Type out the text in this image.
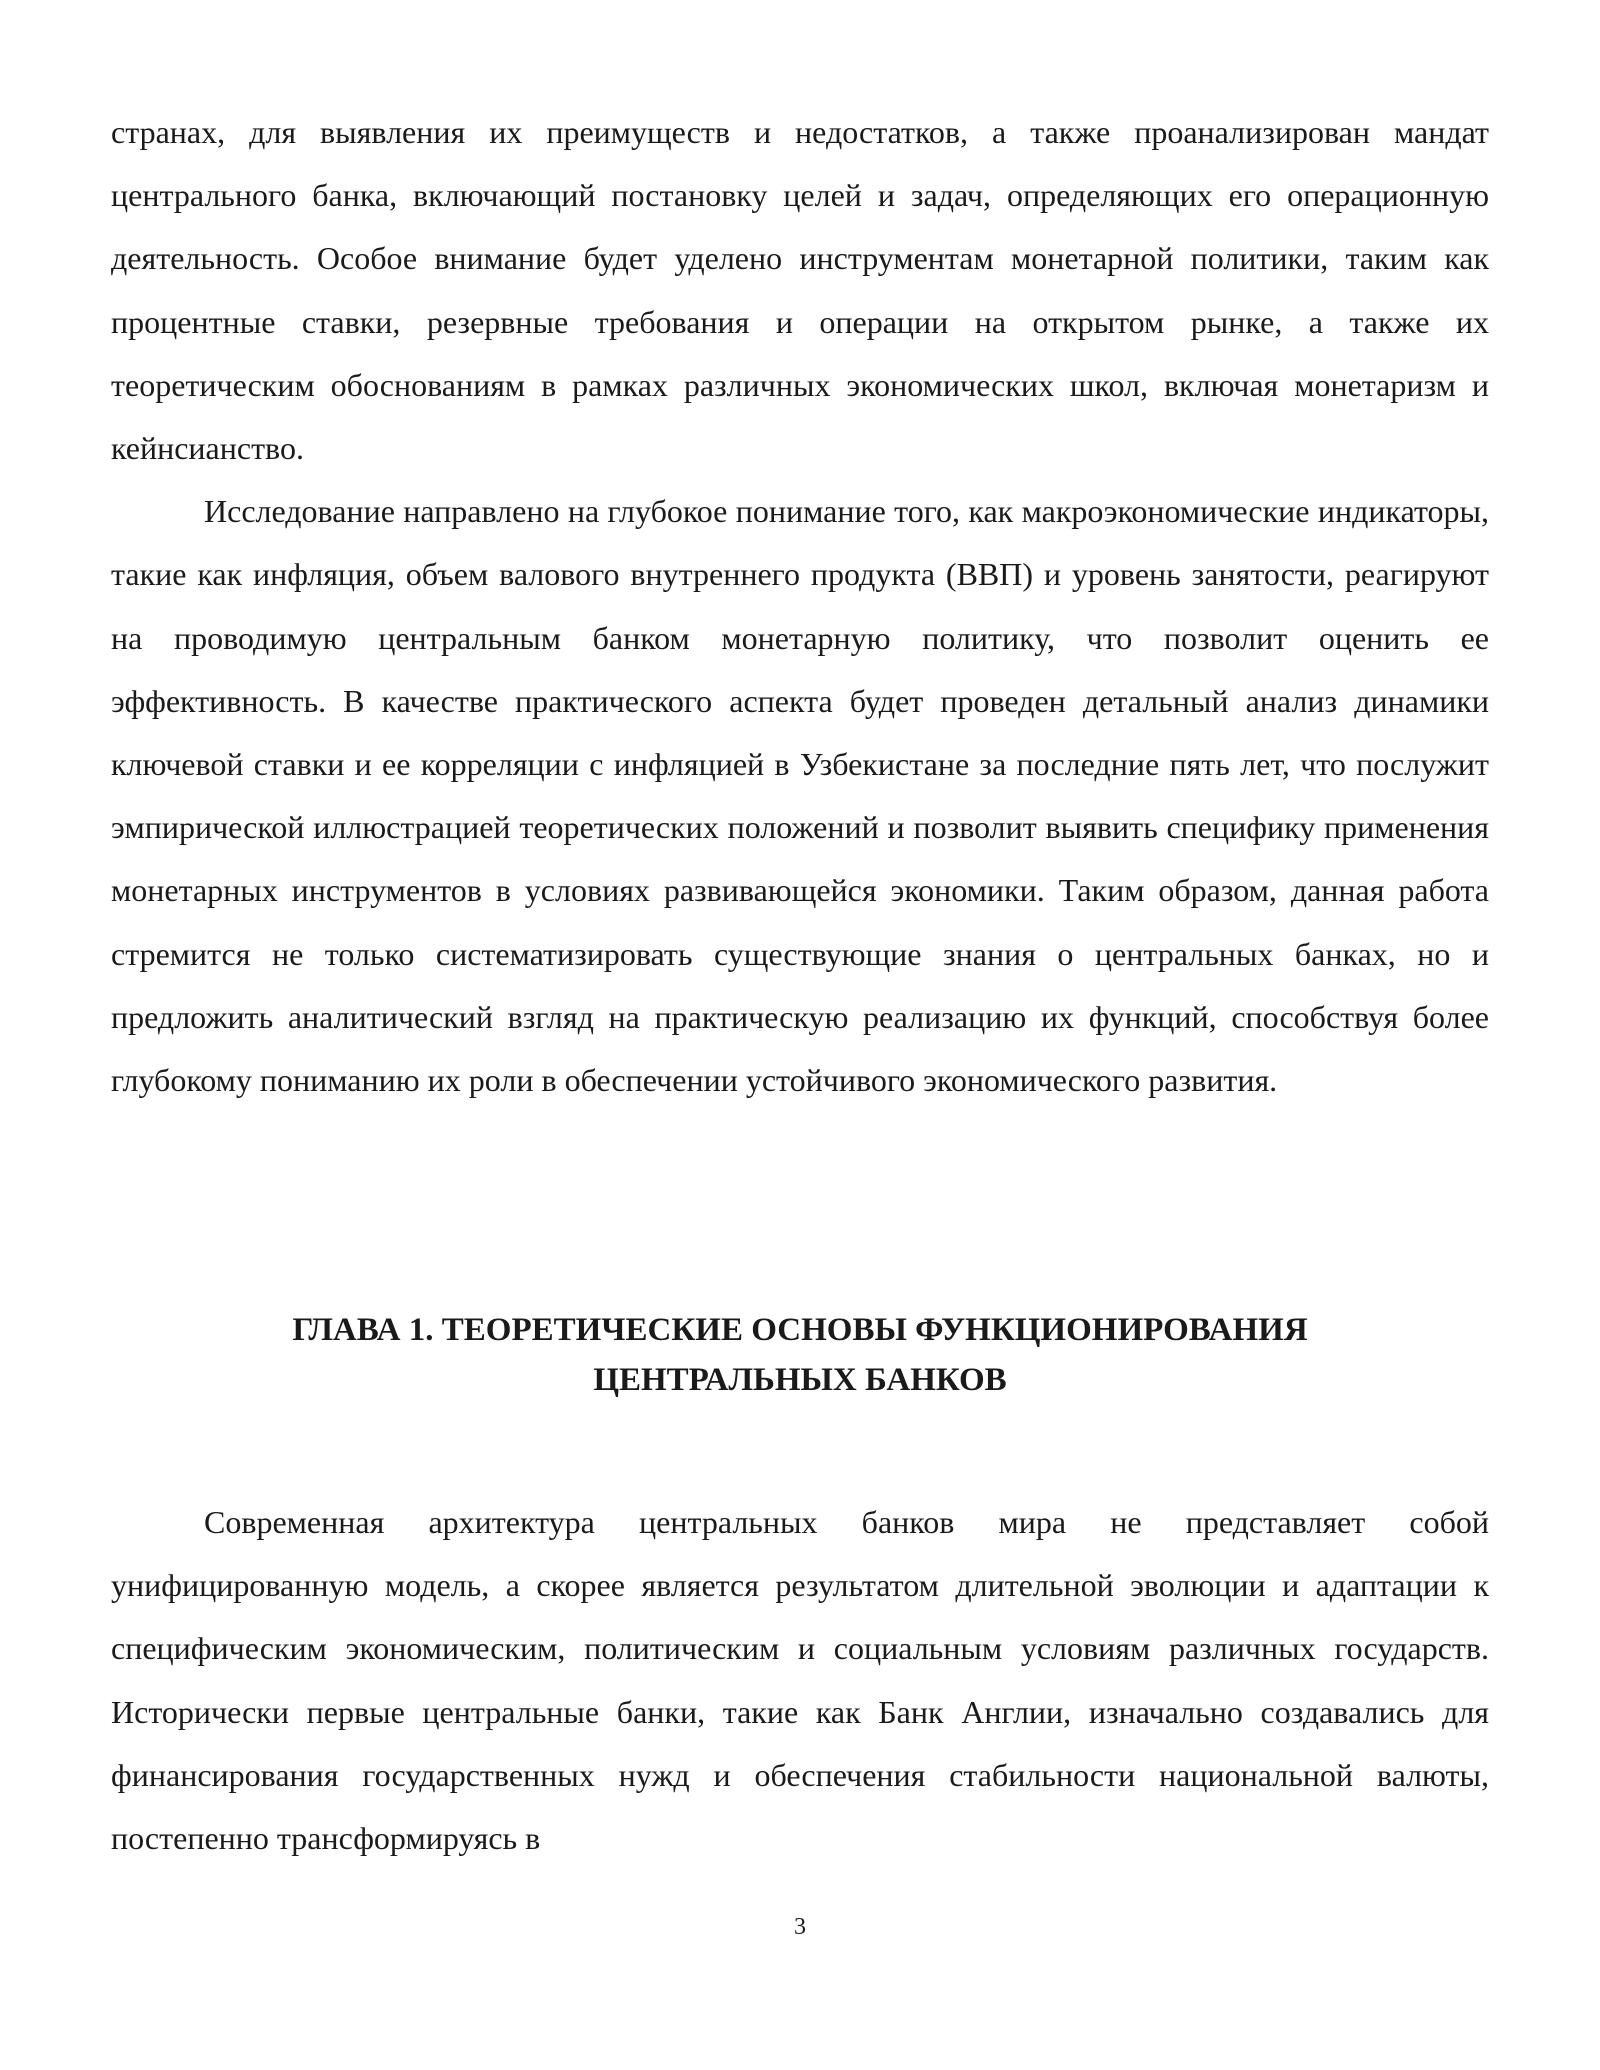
странах, для выявления их преимуществ и недостатков, а также проанализирован мандат центрального банка, включающий постановку целей и задач, определяющих его операционную деятельность. Особое внимание будет уделено инструментам монетарной политики, таким как процентные ставки, резервные требования и операции на открытом рынке, а также их теоретическим обоснованиям в рамках различных экономических школ, включая монетаризм и кейнсианство.

Исследование направлено на глубокое понимание того, как макроэкономические индикаторы, такие как инфляция, объем валового внутреннего продукта (ВВП) и уровень занятости, реагируют на проводимую центральным банком монетарную политику, что позволит оценить ее эффективность. В качестве практического аспекта будет проведен детальный анализ динамики ключевой ставки и ее корреляции с инфляцией в Узбекистане за последние пять лет, что послужит эмпирической иллюстрацией теоретических положений и позволит выявить специфику применения монетарных инструментов в условиях развивающейся экономики. Таким образом, данная работа стремится не только систематизировать существующие знания о центральных банках, но и предложить аналитический взгляд на практическую реализацию их функций, способствуя более глубокому пониманию их роли в обеспечении устойчивого экономического развития.

ГЛАВА 1. ТЕОРЕТИЧЕСКИЕ ОСНОВЫ ФУНКЦИОНИРОВАНИЯ
ЦЕНТРАЛЬНЫХ БАНКОВ

Современная архитектура центральных банков мира не представляет собой унифицированную модель, а скорее является результатом длительной эволюции и адаптации к специфическим экономическим, политическим и социальным условиям различных государств. Исторически первые центральные банки, такие как Банк Англии, изначально создавались для финансирования государственных нужд и обеспечения стабильности национальной валюты, постепенно трансформируясь в

3
